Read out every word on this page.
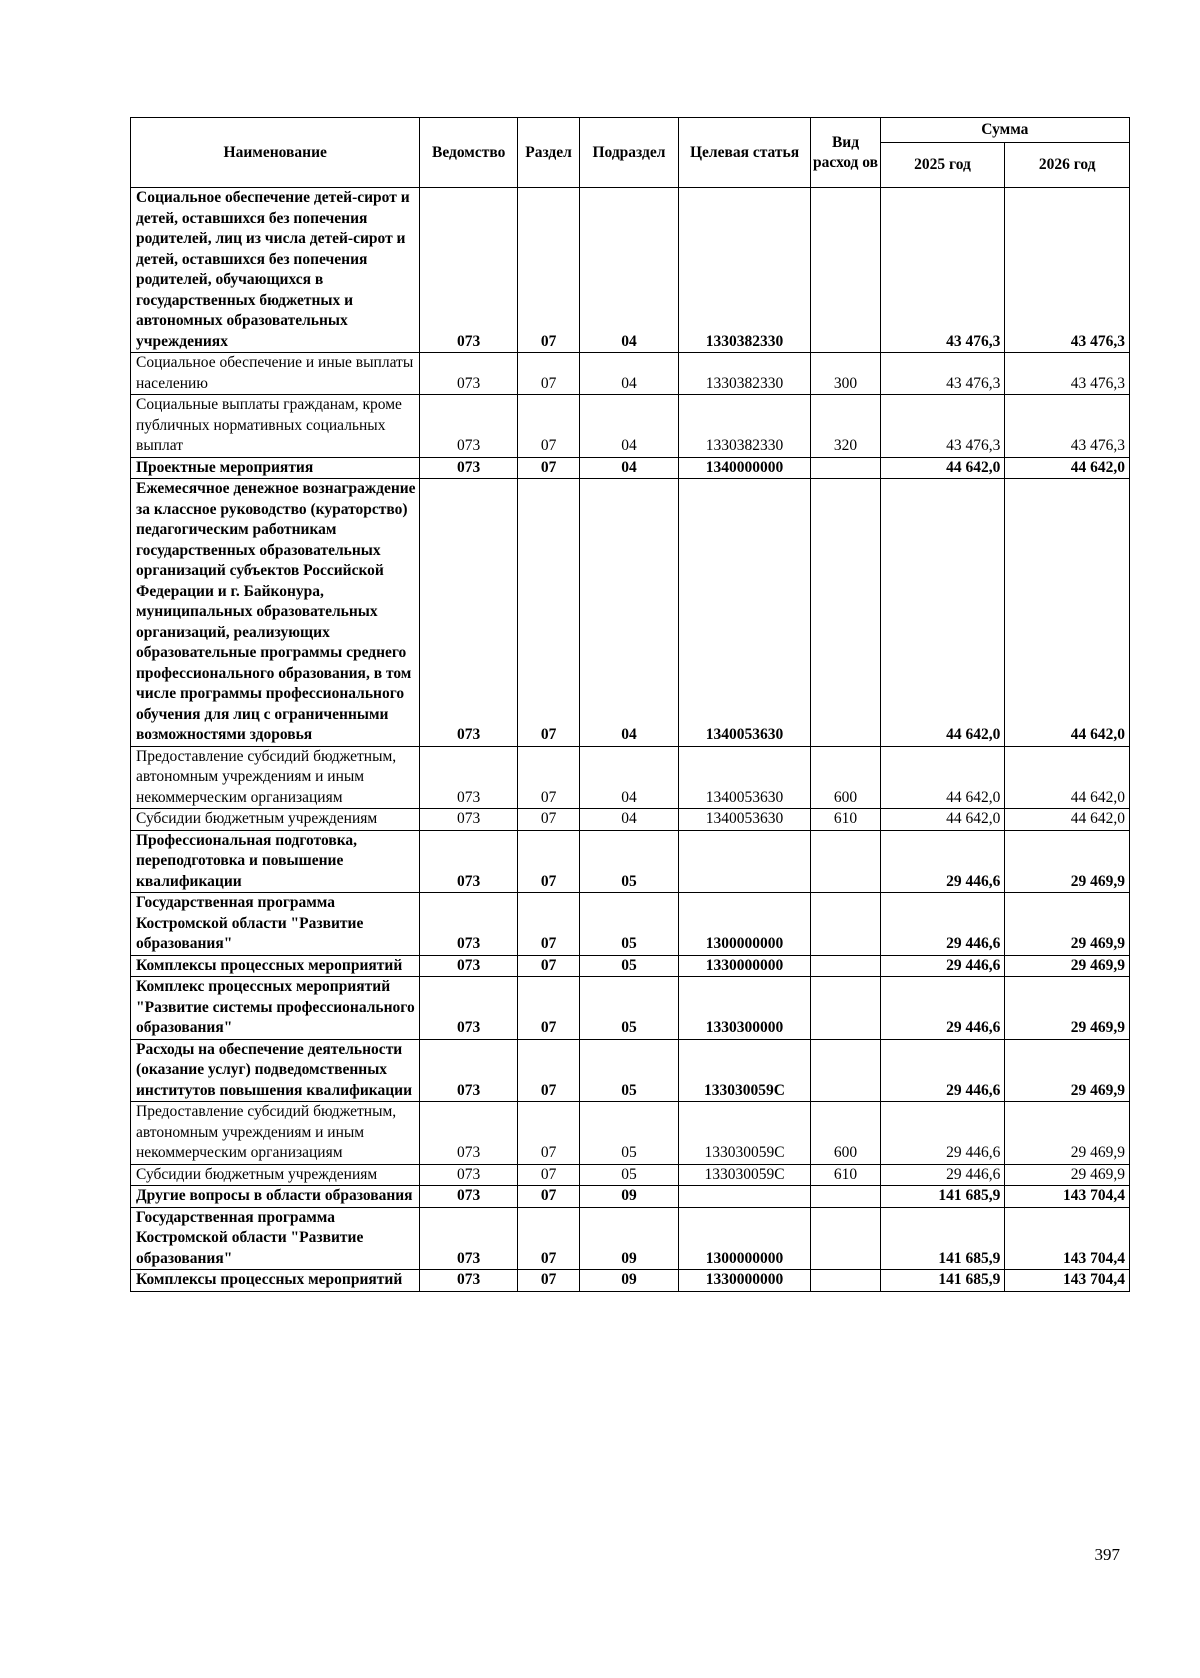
Наименование	Ведомство	Раздел	Подраздел	Целевая статья	Вид расход ов	Сумма	
						2025 год	2026 год
Социальное обеспечение детей-сирот и детей, оставшихся без попечения родителей, лиц из числа детей-сирот и детей, оставшихся без попечения родителей, обучающихся в государственных бюджетных и автономных образовательных учреждениях	073	07	04	1330382330		43 476,3	43 476,3
Социальное обеспечение и иные выплаты населению	073	07	04	1330382330	300	43 476,3	43 476,3
Социальные выплаты гражданам, кроме публичных нормативных социальных выплат	073	07	04	1330382330	320	43 476,3	43 476,3
Проектные мероприятия	073	07	04	1340000000		44 642,0	44 642,0
Ежемесячное денежное вознаграждение за классное руководство (кураторство) педагогическим работникам государственных образовательных организаций субъектов Российской Федерации и г. Байконура, муниципальных образовательных организаций, реализующих образовательные программы среднего профессионального образования, в том числе программы профессионального обучения для лиц с ограниченными возможностями здоровья	073	07	04	1340053630		44 642,0	44 642,0
Предоставление субсидий бюджетным, автономным учреждениям и иным некоммерческим организациям	073	07	04	1340053630	600	44 642,0	44 642,0
Субсидии бюджетным учреждениям	073	07	04	1340053630	610	44 642,0	44 642,0
Профессиональная подготовка, переподготовка и повышение квалификации	073	07	05			29 446,6	29 469,9
Государственная программа Костромской области "Развитие образования"	073	07	05	1300000000		29 446,6	29 469,9
Комплексы процессных мероприятий	073	07	05	1330000000		29 446,6	29 469,9
Комплекс процессных мероприятий "Развитие системы профессионального образования"	073	07	05	1330300000		29 446,6	29 469,9
Расходы на обеспечение деятельности (оказание услуг) подведомственных институтов повышения квалификации	073	07	05	133030059С		29 446,6	29 469,9
Предоставление субсидий бюджетным, автономным учреждениям и иным некоммерческим организациям	073	07	05	133030059С	600	29 446,6	29 469,9
Субсидии бюджетным учреждениям	073	07	05	133030059С	610	29 446,6	29 469,9
Другие вопросы в области образования	073	07	09			141 685,9	143 704,4
Государственная программа Костромской области "Развитие образования"	073	07	09	1300000000		141 685,9	143 704,4
Комплексы процессных мероприятий	073	07	09	1330000000		141 685,9	143 704,4
397
